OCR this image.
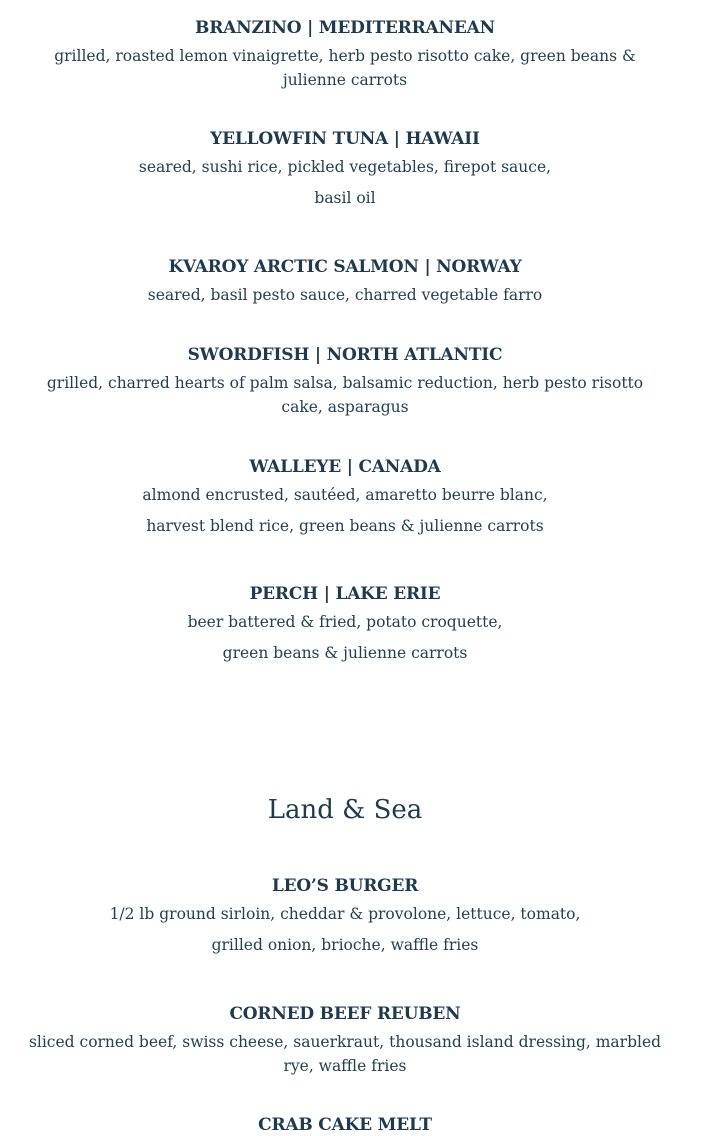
BRANZINO | MEDITERRANEAN

grilled, roasted lemon vinaigrette, herb pesto risotto cake, green beans & julienne carrots

YELLOWFIN TUNA | HAWAII

seared, sushi rice, pickled vegetables, firepot sauce,

basil oil

KVAROY ARCTIC SALMON | NORWAY

seared, basil pesto sauce, charred vegetable farro

SWORDFISH | NORTH ATLANTIC

grilled, charred hearts of palm salsa, balsamic reduction, herb pesto risotto cake, asparagus

WALLEYE | CANADA

almond encrusted, sautéed, amaretto beurre blanc,

harvest blend rice, green beans & julienne carrots

PERCH | LAKE ERIE

beer battered & fried, potato croquette,

green beans & julienne carrots

Land & Sea

LEO’S BURGER

1/2 lb ground sirloin, cheddar & provolone, lettuce, tomato,

grilled onion, brioche, waffle fries

CORNED BEEF REUBEN

sliced corned beef, swiss cheese, sauerkraut, thousand island dressing, marbled rye, waffle fries

CRAB CAKE MELT
